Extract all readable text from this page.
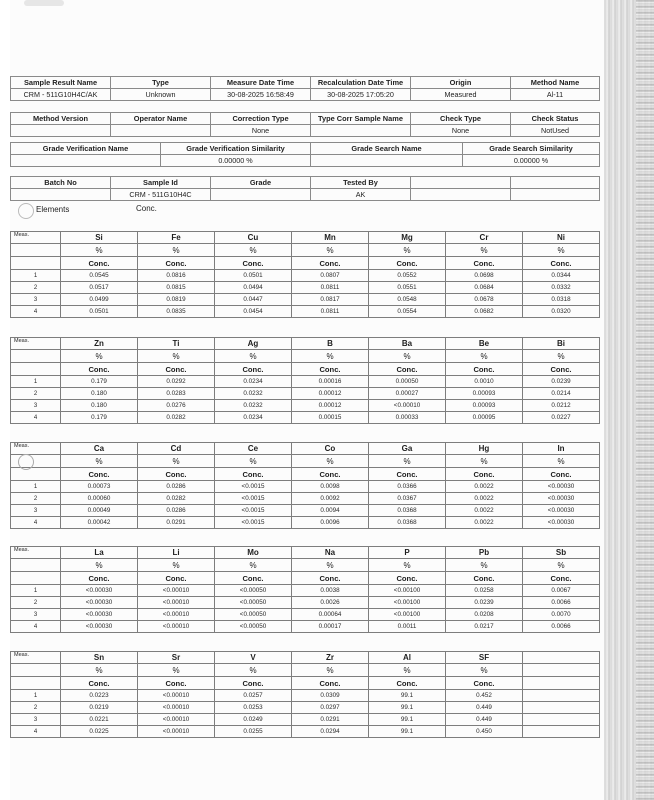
Sample Result Name	Type	Measure Date Time	Recalculation Date Time	Origin	Method Name
CRM - 511G10H4C/AK	Unknown	30-08-2025 16:58:49	30-08-2025 17:05:20	Measured	Al-11
Method Version	Operator Name	Correction Type	Type Corr Sample Name	Check Type	Check Status
		None		None	NotUsed
Batch No	Sample Id	Grade	Tested By		
	CRM - 511G10H4C		AK		
Grade Verification Name	Grade Verification Similarity	Grade Search Name	Grade Search Similarity
	0.00000 %		0.00000 %
Elements	Conc.
Meas.	Si	Fe	Cu	Mn	Mg	Cr	Ni
	%	%	%	%	%	%	%
	Conc.	Conc.	Conc.	Conc.	Conc.	Conc.	Conc.
1	0.0545	0.0816	0.0501	0.0807	0.0552	0.0698	0.0344
2	0.0517	0.0815	0.0494	0.0811	0.0551	0.0684	0.0332
3	0.0499	0.0819	0.0447	0.0817	0.0548	0.0678	0.0318
4	0.0501	0.0835	0.0454	0.0811	0.0554	0.0682	0.0320
Meas.	Zn	Ti	Ag	B	Ba	Be	Bi
	%	%	%	%	%	%	%
	Conc.	Conc.	Conc.	Conc.	Conc.	Conc.	Conc.
1	0.179	0.0292	0.0234	0.00016	0.00050	0.0010	0.0239
2	0.180	0.0283	0.0232	0.00012	0.00027	0.00093	0.0214
3	0.180	0.0276	0.0232	0.00012	<0.00010	0.00093	0.0212
4	0.179	0.0282	0.0234	0.00015	0.00033	0.00095	0.0227
Meas.	Ca	Cd	Ce	Co	Ga	Hg	In
	%	%	%	%	%	%	%
	Conc.	Conc.	Conc.	Conc.	Conc.	Conc.	Conc.
1	0.00073	0.0286	<0.0015	0.0098	0.0366	0.0022	<0.00030
2	0.00060	0.0282	<0.0015	0.0092	0.0367	0.0022	<0.00030
3	0.00049	0.0286	<0.0015	0.0094	0.0368	0.0022	<0.00030
4	0.00042	0.0291	<0.0015	0.0096	0.0368	0.0022	<0.00030
Meas.	La	Li	Mo	Na	P	Pb	Sb
	%	%	%	%	%	%	%
	Conc.	Conc.	Conc.	Conc.	Conc.	Conc.	Conc.
1	<0.00030	<0.00010	<0.00050	0.0038	<0.00100	0.0258	0.0067
2	<0.00030	<0.00010	<0.00050	0.0026	<0.00100	0.0239	0.0066
3	<0.00030	<0.00010	<0.00050	0.00064	<0.00100	0.0208	0.0070
4	<0.00030	<0.00010	<0.00050	0.00017	0.0011	0.0217	0.0066
Meas.	Sn	Sr	V	Zr	Al	SF	
	%	%	%	%	%	%	
	Conc.	Conc.	Conc.	Conc.	Conc.	Conc.	
1	0.0223	<0.00010	0.0257	0.0309	99.1	0.452	
2	0.0219	<0.00010	0.0253	0.0297	99.1	0.449	
3	0.0221	<0.00010	0.0249	0.0291	99.1	0.449	
4	0.0225	<0.00010	0.0255	0.0294	99.1	0.450	
